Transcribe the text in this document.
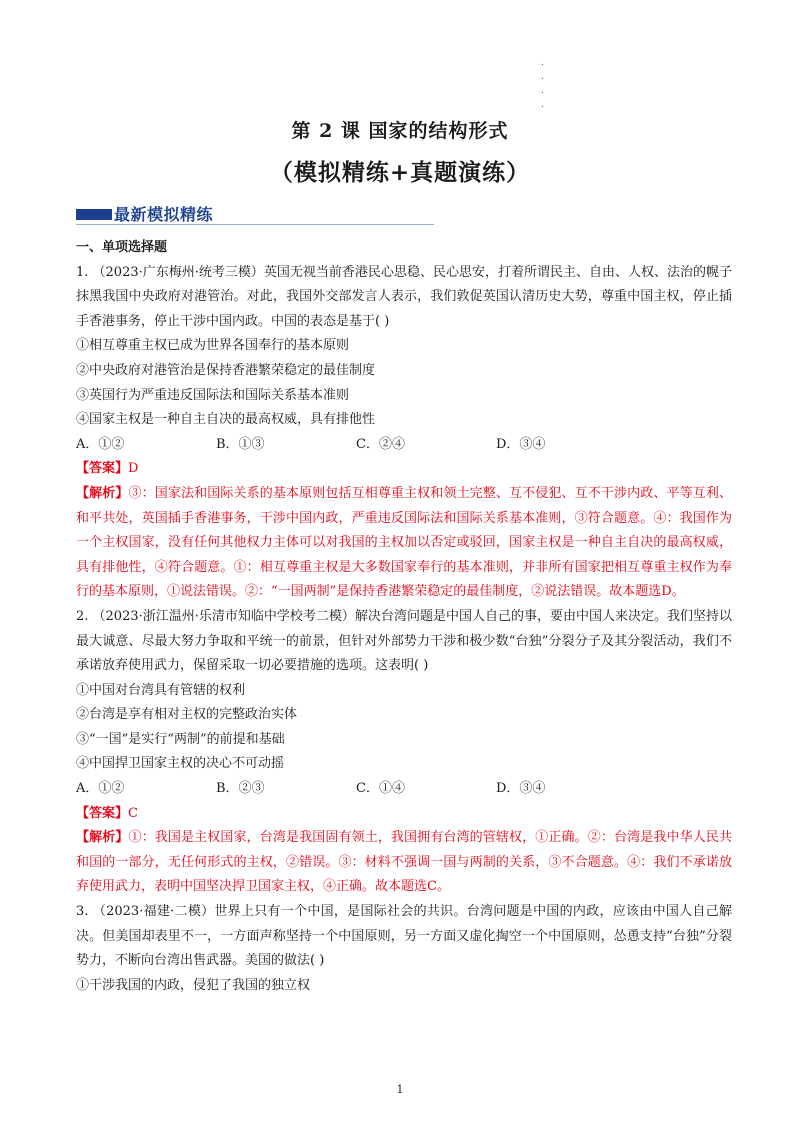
.
.
.
.
第 2 课 国家的结构形式
（模拟精练+真题演练）
最新模拟精练

一、单项选择题

1. （2023·广东梅州·统考三模）英国无视当前香港民心思稳、民心思安，打着所谓民主、自由、人权、法治的幌子抹黑我国中央政府对港管治。对此，我国外交部发言人表示，我们敦促英国认清历史大势，尊重中国主权，停止插手香港事务，停止干涉中国内政。中国的表态是基于( )

①相互尊重主权已成为世界各国奉行的基本原则

②中央政府对港管治是保持香港繁荣稳定的最佳制度

③英国行为严重违反国际法和国际关系基本准则

④国家主权是一种自主自决的最高权威，具有排他性

A．①②	B．①③	C．②④	D．③④

【答案】D

【解析】③：国家法和国际关系的基本原则包括互相尊重主权和领土完整、互不侵犯、互不干涉内政、平等互利、和平共处，英国插手香港事务，干涉中国内政，严重违反国际法和国际关系基本准则，③符合题意。④：我国作为一个主权国家，没有任何其他权力主体可以对我国的主权加以否定或驳回，国家主权是一种自主自决的最高权威，具有排他性，④符合题意。①：相互尊重主权是大多数国家奉行的基本准则，并非所有国家把相互尊重主权作为奉行的基本原则，①说法错误。②：“一国两制”是保持香港繁荣稳定的最佳制度，②说法错误。故本题选D。

2. （2023·浙江温州·乐清市知临中学校考二模）解决台湾问题是中国人自己的事，要由中国人来决定。我们坚持以最大诚意、尽最大努力争取和平统一的前景，但针对外部势力干涉和极少数“台独”分裂分子及其分裂活动，我们不承诺放弃使用武力，保留采取一切必要措施的选项。这表明( )

①中国对台湾具有管辖的权利

②台湾是享有相对主权的完整政治实体

③“一国”是实行“两制”的前提和基础

④中国捍卫国家主权的决心不可动摇

A．①②	B．②③	C．①④	D．③④

【答案】C

【解析】①：我国是主权国家，台湾是我国固有领土，我国拥有台湾的管辖权，①正确。②：台湾是我中华人民共和国的一部分，无任何形式的主权，②错误。③：材料不强调一国与两制的关系，③不合题意。④：我们不承诺放弃使用武力，表明中国坚决捍卫国家主权，④正确。故本题选C。

3. （2023·福建·二模）世界上只有一个中国，是国际社会的共识。台湾问题是中国的内政，应该由中国人自己解决。但美国却表里不一，一方面声称坚持一个中国原则，另一方面又虚化掏空一个中国原则，怂恿支持“台独”分裂势力，不断向台湾出售武器。美国的做法( )

①干涉我国的内政，侵犯了我国的独立权

1
